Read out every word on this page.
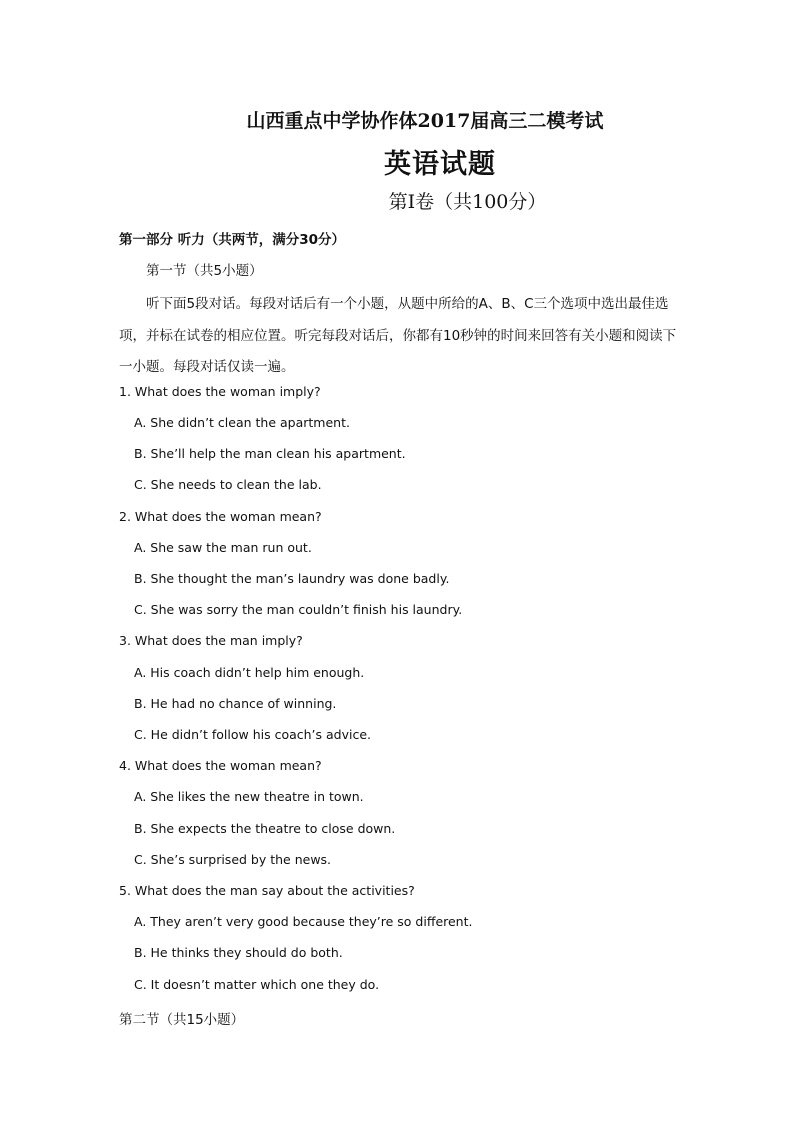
山西重点中学协作体2017届高三二模考试
英语试题
第I卷（共100分）
第一部分 听力（共两节，满分30分）
第一节（共5小题）
听下面5段对话。每段对话后有一个小题，从题中所给的A、B、C三个选项中选出最佳选项，并标在试卷的相应位置。听完每段对话后，你都有10秒钟的时间来回答有关小题和阅读下一小题。每段对话仅读一遍。
1. What does the woman imply?
A. She didn’t clean the apartment.
B. She’ll help the man clean his apartment.
C. She needs to clean the lab.
2. What does the woman mean?
A. She saw the man run out.
B. She thought the man’s laundry was done badly.
C. She was sorry the man couldn’t finish his laundry.
3. What does the man imply?
A. His coach didn’t help him enough.
B. He had no chance of winning.
C. He didn’t follow his coach’s advice.
4. What does the woman mean?
A. She likes the new theatre in town.
B. She expects the theatre to close down.
C. She’s surprised by the news.
5. What does the man say about the activities?
A. They aren’t very good because they’re so different.
B. He thinks they should do both.
C. It doesn’t matter which one they do.
第二节（共15小题）
